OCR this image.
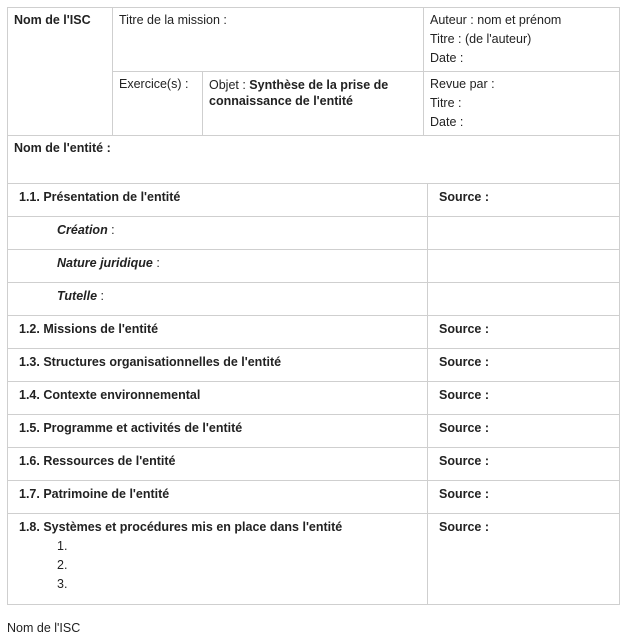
Nom de l'ISC	Titre de la mission :		Auteur : nom et prénom
Titre : (de l'auteur)
Date :

	Exercice(s) :	Objet : Synthèse de la prise de connaissance de l'entité	Revue par :
Titre :
Date :

Nom de l'entité :			
1.1. Présentation de l'entité	Source :
Création :	
Nature juridique :	
Tutelle :	
1.2. Missions de l'entité	Source :
1.3. Structures organisationnelles de l'entité	Source :
1.4. Contexte environnemental	Source :
1.5. Programme et activités de l'entité	Source :
1.6. Ressources de l'entité	Source :
1.7. Patrimoine de l'entité	Source :
1.8. Systèmes et procédures mis en place dans l'entité
1.
2.
3.	Source :
Nom de l'ISC
